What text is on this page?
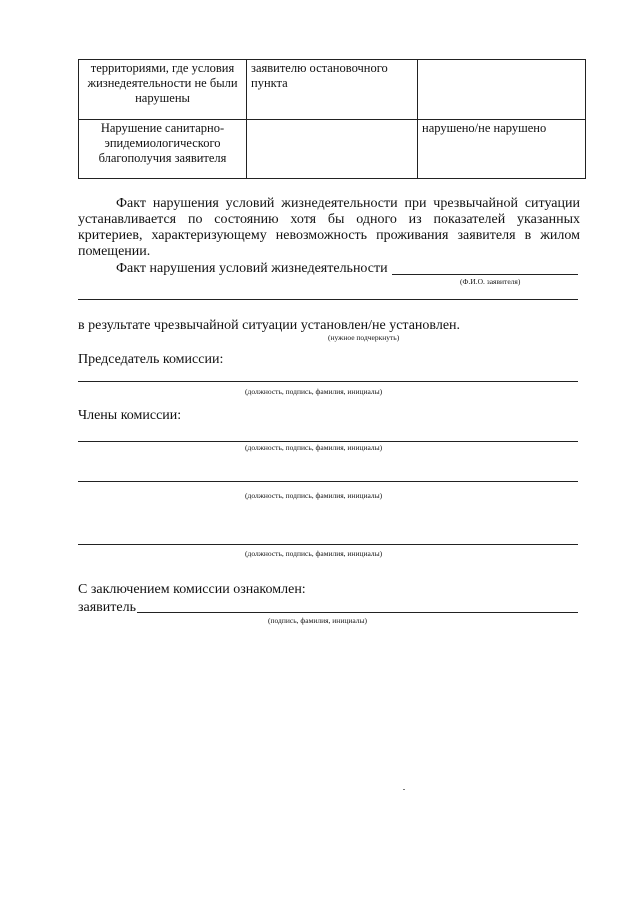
территориями, где условия жизнедеятельности не были нарушены	заявителю остановочного пункта	
Нарушение санитарно-эпидемиологического благополучия заявителя		нарушено/не нарушено

Факт нарушения условий жизнедеятельности при чрезвычайной ситуации

устанавливается по состоянию хотя бы одного из показателей указанных

критериев, характеризующему невозможность проживания заявителя в жилом

помещении.

Факт нарушения условий жизнедеятельности
(Ф.И.О. заявителя)
в результате чрезвычайной ситуации установлен/не установлен.
(нужное подчеркнуть)
Председатель комиссии:
(должность, подпись, фамилия, инициалы)
Члены комиссии:
(должность, подпись, фамилия, инициалы)
(должность, подпись, фамилия, инициалы)
(должность, подпись, фамилия, инициалы)
С заключением комиссии ознакомлен:
заявитель
(подпись, фамилия, инициалы)
